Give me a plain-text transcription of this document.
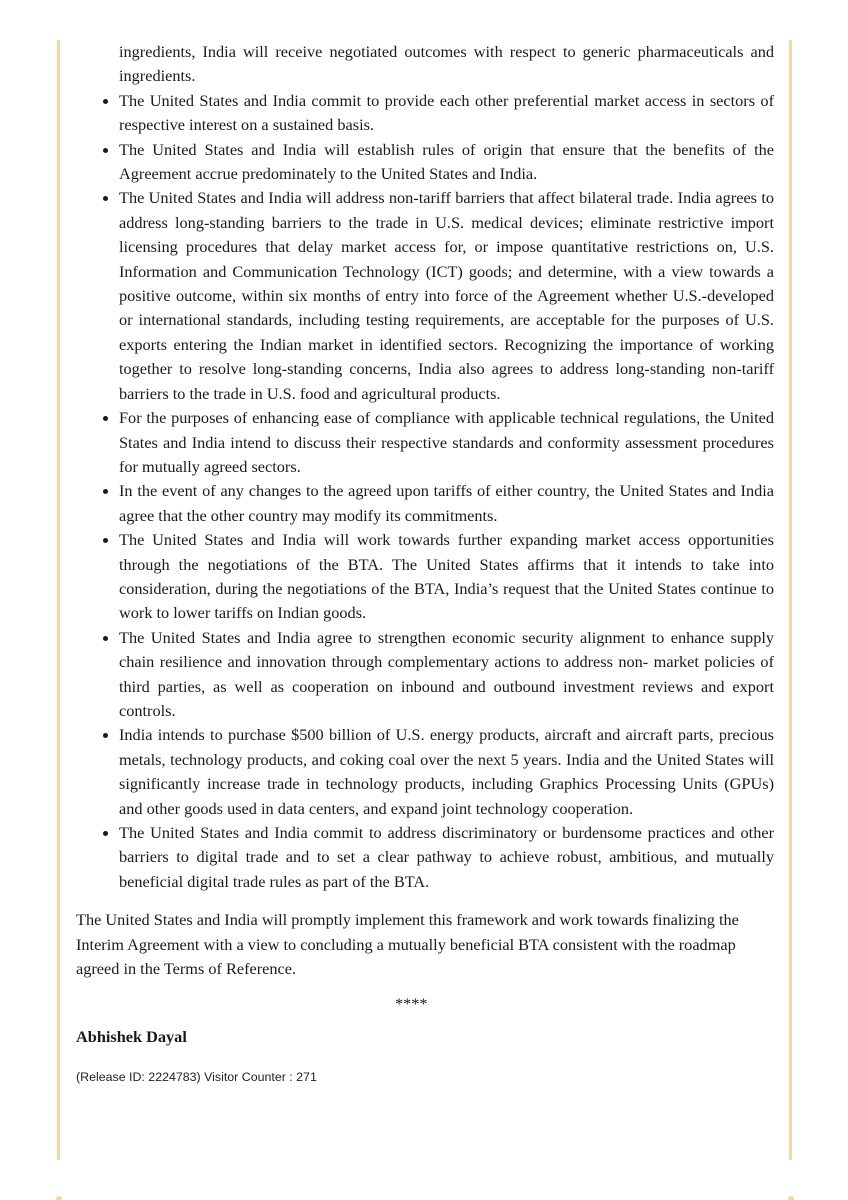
ingredients, India will receive negotiated outcomes with respect to generic pharmaceuticals and ingredients.

The United States and India commit to provide each other preferential market access in sectors of respective interest on a sustained basis.
The United States and India will establish rules of origin that ensure that the benefits of the Agreement accrue predominately to the United States and India.
The United States and India will address non-tariff barriers that affect bilateral trade. India agrees to address long-standing barriers to the trade in U.S. medical devices; eliminate restrictive import licensing procedures that delay market access for, or impose quantitative restrictions on, U.S. Information and Communication Technology (ICT) goods; and determine, with a view towards a positive outcome, within six months of entry into force of the Agreement whether U.S.-developed or international standards, including testing requirements, are acceptable for the purposes of U.S. exports entering the Indian market in identified sectors. Recognizing the importance of working together to resolve long-standing concerns, India also agrees to address long-standing non-tariff barriers to the trade in U.S. food and agricultural products.
For the purposes of enhancing ease of compliance with applicable technical regulations, the United States and India intend to discuss their respective standards and conformity assessment procedures for mutually agreed sectors.
In the event of any changes to the agreed upon tariffs of either country, the United States and India agree that the other country may modify its commitments.
The United States and India will work towards further expanding market access opportunities through the negotiations of the BTA. The United States affirms that it intends to take into consideration, during the negotiations of the BTA, India’s request that the United States continue to work to lower tariffs on Indian goods.
The United States and India agree to strengthen economic security alignment to enhance supply chain resilience and innovation through complementary actions to address non- market policies of third parties, as well as cooperation on inbound and outbound investment reviews and export controls.
India intends to purchase $500 billion of U.S. energy products, aircraft and aircraft parts, precious metals, technology products, and coking coal over the next 5 years. India and the United States will significantly increase trade in technology products, including Graphics Processing Units (GPUs) and other goods used in data centers, and expand joint technology cooperation.
The United States and India commit to address discriminatory or burdensome practices and other barriers to digital trade and to set a clear pathway to achieve robust, ambitious, and mutually beneficial digital trade rules as part of the BTA.

The United States and India will promptly implement this framework and work towards finalizing the Interim Agreement with a view to concluding a mutually beneficial BTA consistent with the roadmap agreed in the Terms of Reference.

****

Abhishek Dayal

(Release ID: 2224783) Visitor Counter : 271
